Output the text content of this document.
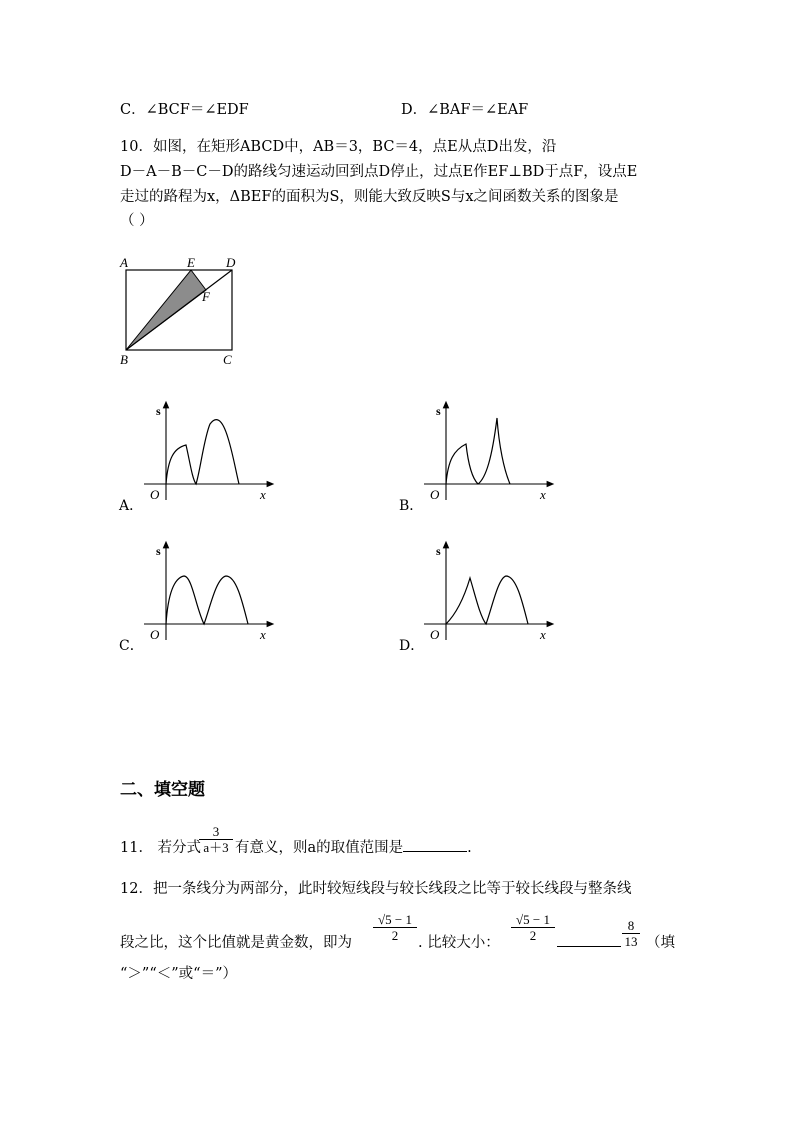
C．∠BCF＝∠EDF	D．∠BAF＝∠EAF
10．如图，在矩形ABCD中，AB＝3，BC＝4，点E从点D出发，沿
D－A－B－C－D的路线匀速运动回到点D停止，过点E作EF⊥BD于点F，设点E
走过的路程为x，ΔBEF的面积为S，则能大致反映S与x之间函数关系的图象是
（ ）
A	E D
F
B	C
s
x
O
A．
s
x
O
B．
s
x
O
C．
s
x
O
D．
二、填空题
11． 若分式
3
a＋3 有意义，则a的取值范围是	.
12．把一条线分为两部分，此时较短线段与较长线段之比等于较长线段与整条线
段之比，这个比值就是黄金数，即为
√5 − 1
2	. 比较大小：
√5 − 1
2
8
13 （填
“＞”“＜”或“＝”）
